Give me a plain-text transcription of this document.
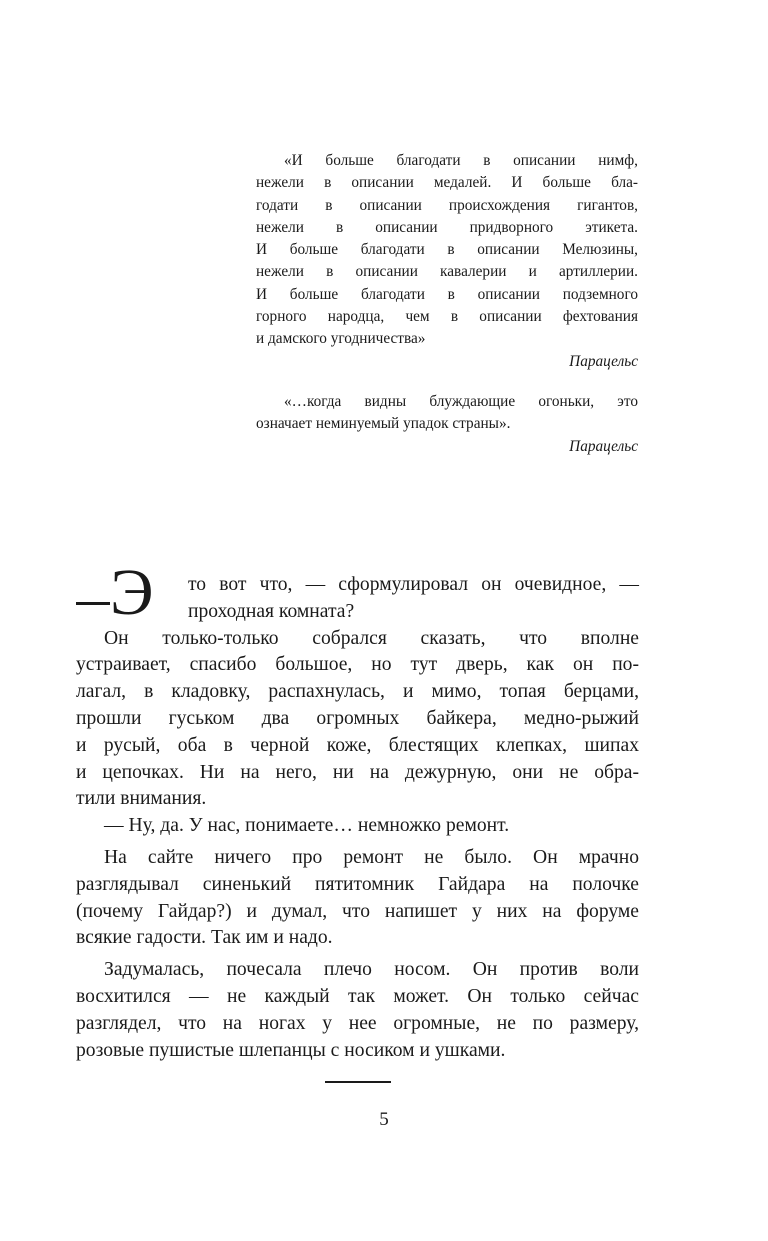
«И больше благодати в описании нимф,
нежели в описании медалей. И больше бла-
годати в описании происхождения гигантов,
нежели в описании придворного этикета.
И больше благодати в описании Мелюзины,
нежели в описании кавалерии и артиллерии.
И больше благодати в описании подземного
горного народца, чем в описании фехтования
и дамского угодничества»
Парацельс
«…когда видны блуждающие огоньки, это
означает неминуемый упадок страны».
Парацельс
Э	то вот что, — сформулировал он очевидное, —
проходная комната?
Он только-только собрался сказать, что вполне
устраивает, спасибо большое, но тут дверь, как он по-
лагал, в кладовку, распахнулась, и мимо, топая берцами,
прошли гуськом два огромных байкера, медно-рыжий
и русый, оба в черной коже, блестящих клепках, шипах
и цепочках. Ни на него, ни на дежурную, они не обра-
тили внимания.
— Ну, да. У нас, понимаете… немножко ремонт.
На сайте ничего про ремонт не было. Он мрачно
разглядывал синенький пятитомник Гайдара на полочке
(почему Гайдар?) и думал, что напишет у них на форуме
всякие гадости. Так им и надо.
Задумалась, почесала плечо носом. Он против воли
восхитился — не каждый так может. Он только сейчас
разглядел, что на ногах у нее огромные, не по размеру,
розовые пушистые шлепанцы с носиком и ушками.
5
